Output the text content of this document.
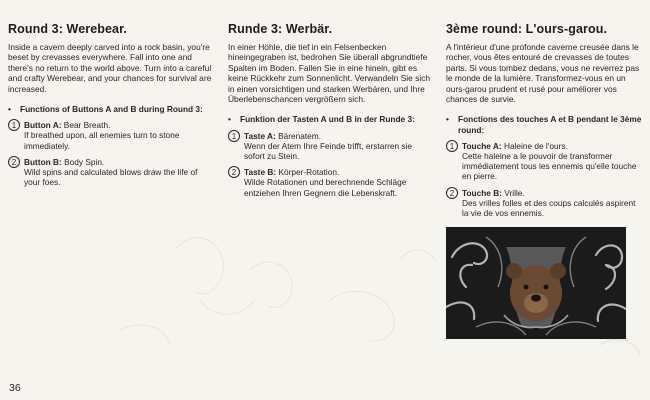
Round 3: Werebear.

Inside a cavern deeply carved into a rock basin, you're beset by crevasses everywhere. Fall into one and there's no return to the world above. Turn into a careful and crafty Werebear, and your chances for survival are increased.

•	Functions of Buttons A and B during Round 3:
1 Button A: Bear Breath.
If breathed upon, all enemies turn to stone immediately.
2 Button B: Body Spin.
Wild spins and calculated blows draw the life of your foes.
Runde 3: Werbär.

In einer Höhle, die tief in ein Felsenbecken hineingegraben ist, bedrohen Sie überall abgrundtiefe Spalten im Boden. Fallen Sie in eine hinein, gibt es keine Rückkehr zum Sonnenlicht. Verwandeln Sie sich in einen vorsichtigen und starken Werbären, und Ihre Überlebenschancen vergrößern sich.

•	Funktion der Tasten A und B in der Runde 3:
1 Taste A: Bärenatem.
Wenn der Atem Ihre Feinde trifft, erstarren sie sofort zu Stein.
2 Taste B: Körper-Rotation.
Wilde Rotationen und berechnende Schläge entziehen Ihren Gegnern die Lebenskraft.
3ème round: L'ours-garou.

A l'intérieur d'une profonde caverne creusée dans le rocher, vous êtes entouré de crevasses de toutes parts. Si vous tombez dedans, vous ne reverrez pas le monde de la lumière. Transformez-vous en un ours-garou prudent et rusé pour améliorer vos chances de survie.

•	Fonctions des touches A et B pendant le 3ème round:
1 Touche A: Haleine de l'ours.
Cette haleine a le pouvoir de transformer immédiatement tous les ennemis qu'elle touche en pierre.
2 Touche B: Vrille.
Des vrilles folles et des coups calculés aspirent la vie de vos ennemis.
36
